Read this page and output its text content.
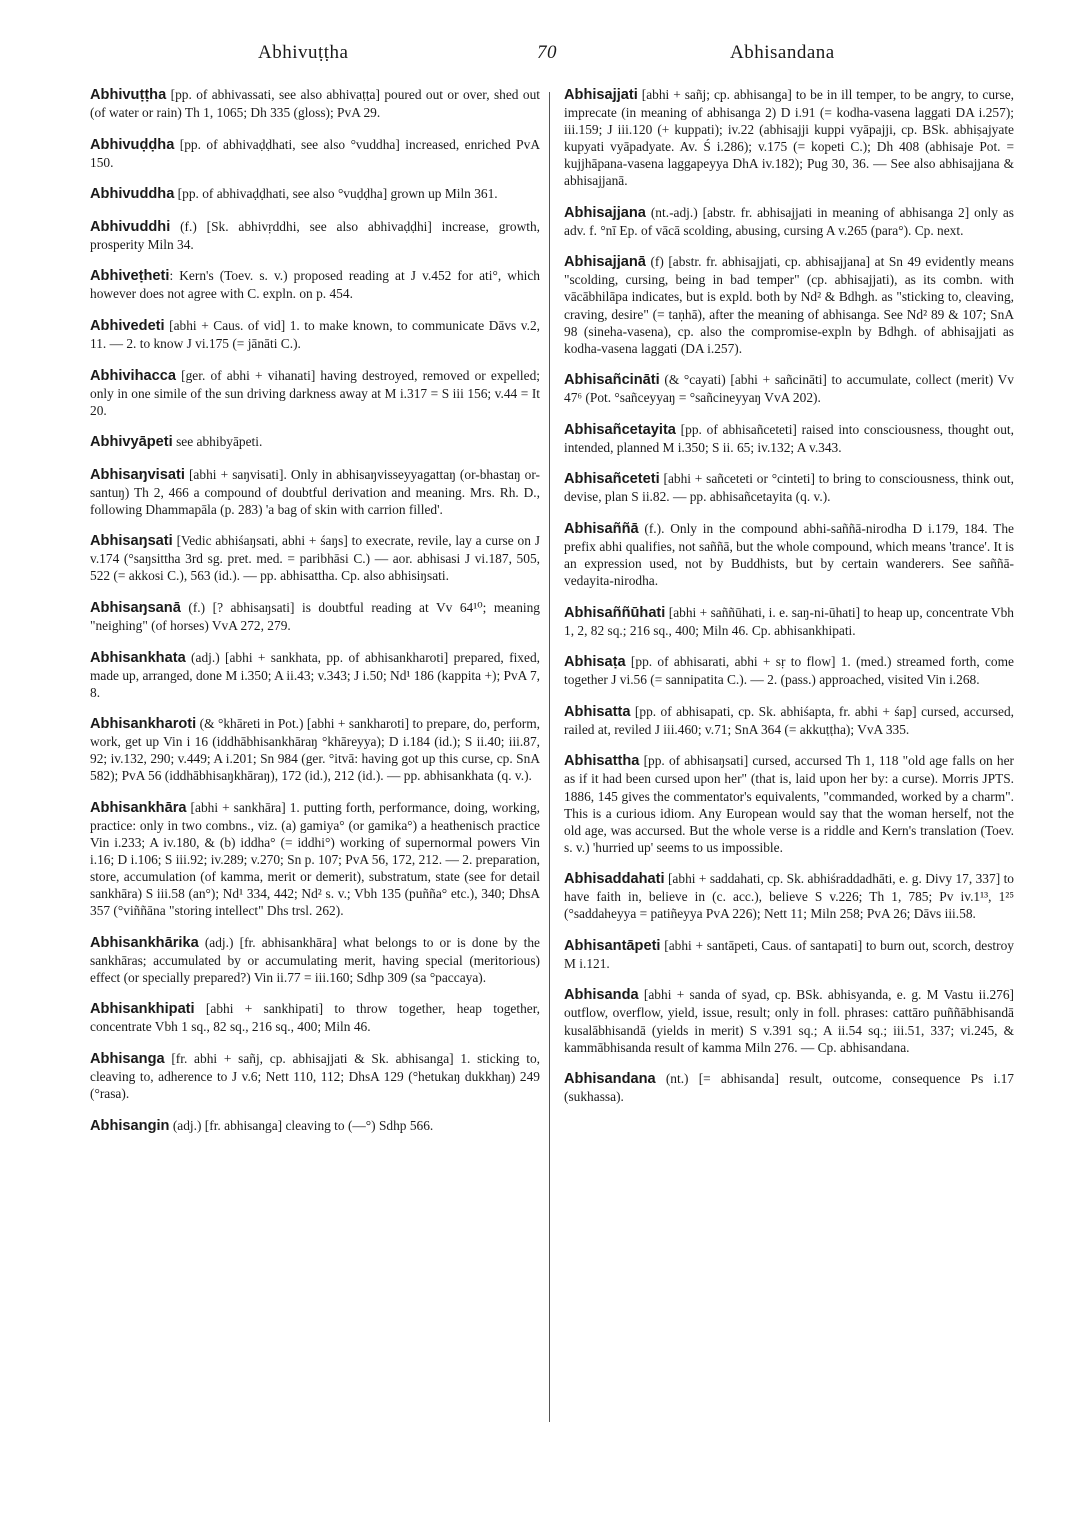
Abhivuṭṭha	70	Abhisandana
Abhivuṭṭha [pp. of abhivassati, see also abhivaṭṭa] poured out or over, shed out (of water or rain) Th 1, 1065; Dh 335 (gloss); PvA 29.
Abhivuḍḍha [pp. of abhivaḍḍhati, see also °vuddha] increased, enriched PvA 150.
Abhivuddha [pp. of abhivaḍḍhati, see also °vuḍḍha] grown up Miln 361.
Abhivuddhi (f.) [Sk. abhivṛddhi, see also abhivaḍḍhi] increase, growth, prosperity Miln 34.
Abhiveṭheti: Kern's (Toev. s. v.) proposed reading at J v.452 for ati°, which however does not agree with C. expln. on p. 454.
Abhivedeti [abhi + Caus. of vid] 1. to make known, to communicate Dāvs v.2, 11. — 2. to know J vi.175 (= jānāti C.).
Abhivihacca [ger. of abhi + vihanati] having destroyed, removed or expelled; only in one simile of the sun driving darkness away at M i.317 = S iii 156; v.44 = It 20.
Abhivyāpeti see abhibyāpeti.
Abhisaŋvisati [abhi + saŋvisati]. Only in abhisaŋvisseyyagattaŋ (or-bhastaŋ or-santuŋ) Th 2, 466 a compound of doubtful derivation and meaning. Mrs. Rh. D., following Dhammapāla (p. 283) 'a bag of skin with carrion filled'.
Abhisaŋsati [Vedic abhiśaŋsati, abhi + śaŋs] to execrate, revile, lay a curse on J v.174 (°saŋsittha 3rd sg. pret. med. = paribhāsi C.) — aor. abhisasi J vi.187, 505, 522 (= akkosi C.), 563 (id.). — pp. abhisattha. Cp. also abhisiŋsati.
Abhisaŋsanā (f.) [? abhisaŋsati] is doubtful reading at Vv 64¹⁰; meaning "neighing" (of horses) VvA 272, 279.
Abhisankhata (adj.) [abhi + sankhata, pp. of abhisankharoti] prepared, fixed, made up, arranged, done M i.350; A ii.43; v.343; J i.50; Nd¹ 186 (kappita +); PvA 7, 8.
Abhisankharoti (& °khāreti in Pot.) [abhi + sankharoti] to prepare, do, perform, work, get up Vin i 16 (iddhābhisankhāraŋ °khāreyya); D i.184 (id.); S ii.40; iii.87, 92; iv.132, 290; v.449; A i.201; Sn 984 (ger. °itvā: having got up this curse, cp. SnA 582); PvA 56 (iddhābhisaŋkhāraŋ), 172 (id.), 212 (id.). — pp. abhisankhata (q. v.).
Abhisankhāra [abhi + sankhāra] 1. putting forth, performance, doing, working, practice: only in two combns., viz. (a) gamiya° (or gamika°) a heathenisch practice Vin i.233; A iv.180, & (b) iddha° (= iddhi°) working of supernormal powers Vin i.16; D i.106; S iii.92; iv.289; v.270; Sn p. 107; PvA 56, 172, 212. — 2. preparation, store, accumulation (of kamma, merit or demerit), substratum, state (see for detail sankhāra) S iii.58 (an°); Nd¹ 334, 442; Nd² s. v.; Vbh 135 (puñña° etc.), 340; DhsA 357 (°viññāna "storing intellect" Dhs trsl. 262).
Abhisankhārika (adj.) [fr. abhisankhāra] what belongs to or is done by the sankhāras; accumulated by or accumulating merit, having special (meritorious) effect (or specially prepared?) Vin ii.77 = iii.160; Sdhp 309 (sa °paccaya).
Abhisankhipati [abhi + sankhipati] to throw together, heap together, concentrate Vbh 1 sq., 82 sq., 216 sq., 400; Miln 46.
Abhisanga [fr. abhi + sañj, cp. abhisajjati & Sk. abhisanga] 1. sticking to, cleaving to, adherence to J v.6; Nett 110, 112; DhsA 129 (°hetukaŋ dukkhaŋ) 249 (°rasa).
Abhisangin (adj.) [fr. abhisanga] cleaving to (—°) Sdhp 566.
Abhisajjati [abhi + sañj; cp. abhisanga] to be in ill temper, to be angry, to curse, imprecate (in meaning of abhisanga 2) D i.91 (= kodha-vasena laggati DA i.257); iii.159; J iii.120 (+ kuppati); iv.22 (abhisajji kuppi vyāpajji, cp. BSk. abhiṣajyate kupyati vyāpadyate. Av. Ś i.286); v.175 (= kopeti C.); Dh 408 (abhisaje Pot. = kujjhāpana-vasena laggapeyya DhA iv.182); Pug 30, 36. — See also abhisajjana & abhisajjanā.
Abhisajjana (nt.-adj.) [abstr. fr. abhisajjati in meaning of abhisanga 2] only as adv. f. °nī Ep. of vācā scolding, abusing, cursing A v.265 (para°). Cp. next.
Abhisajjanā (f) [abstr. fr. abhisajjati, cp. abhisajjana] at Sn 49 evidently means "scolding, cursing, being in bad temper" (cp. abhisajjati), as its combn. with vācābhilāpa indicates, but is expld. both by Nd² & Bdhgh. as "sticking to, cleaving, craving, desire" (= taṇhā), after the meaning of abhisanga. See Nd² 89 & 107; SnA 98 (sineha-vasena), cp. also the compromise-expln by Bdhgh. of abhisajjati as kodha-vasena laggati (DA i.257).
Abhisañcināti (& °cayati) [abhi + sañcināti] to accumulate, collect (merit) Vv 47⁶ (Pot. °sañceyyaŋ = °sañcineyyaŋ VvA 202).
Abhisañcetayita [pp. of abhisañceteti] raised into consciousness, thought out, intended, planned M i.350; S ii. 65; iv.132; A v.343.
Abhisañceteti [abhi + sañceteti or °cinteti] to bring to consciousness, think out, devise, plan S ii.82. — pp. abhisañcetayita (q. v.).
Abhisaññā (f.). Only in the compound abhi-saññā-nirodha D i.179, 184. The prefix abhi qualifies, not saññā, but the whole compound, which means 'trance'. It is an expression used, not by Buddhists, but by certain wanderers. See saññā-vedayita-nirodha.
Abhisaññūhati [abhi + saññūhati, i. e. saŋ-ni-ūhati] to heap up, concentrate Vbh 1, 2, 82 sq.; 216 sq., 400; Miln 46. Cp. abhisankhipati.
Abhisaṭa [pp. of abhisarati, abhi + sṛ to flow] 1. (med.) streamed forth, come together J vi.56 (= sannipatita C.). — 2. (pass.) approached, visited Vin i.268.
Abhisatta [pp. of abhisapati, cp. Sk. abhiśapta, fr. abhi + śap] cursed, accursed, railed at, reviled J iii.460; v.71; SnA 364 (= akkuṭṭha); VvA 335.
Abhisattha [pp. of abhisaŋsati] cursed, accursed Th 1, 118 "old age falls on her as if it had been cursed upon her" (that is, laid upon her by: a curse). Morris JPTS. 1886, 145 gives the commentator's equivalents, "commanded, worked by a charm". This is a curious idiom. Any European would say that the woman herself, not the old age, was accursed. But the whole verse is a riddle and Kern's translation (Toev. s. v.) 'hurried up' seems to us impossible.
Abhisaddahati [abhi + saddahati, cp. Sk. abhiśraddadhāti, e. g. Divy 17, 337] to have faith in, believe in (c. acc.), believe S v.226; Th 1, 785; Pv iv.1¹³, 1²⁵ (°saddaheyya = patiñeyya PvA 226); Nett 11; Miln 258; PvA 26; Dāvs iii.58.
Abhisantāpeti [abhi + santāpeti, Caus. of santapati] to burn out, scorch, destroy M i.121.
Abhisanda [abhi + sanda of syad, cp. BSk. abhisyanda, e. g. M Vastu ii.276] outflow, overflow, yield, issue, result; only in foll. phrases: cattāro puññābhisandā kusalābhisandā (yields in merit) S v.391 sq.; A ii.54 sq.; iii.51, 337; vi.245, & kammābhisanda result of kamma Miln 276. — Cp. abhisandana.
Abhisandana (nt.) [= abhisanda] result, outcome, consequence Ps i.17 (sukhassa).
